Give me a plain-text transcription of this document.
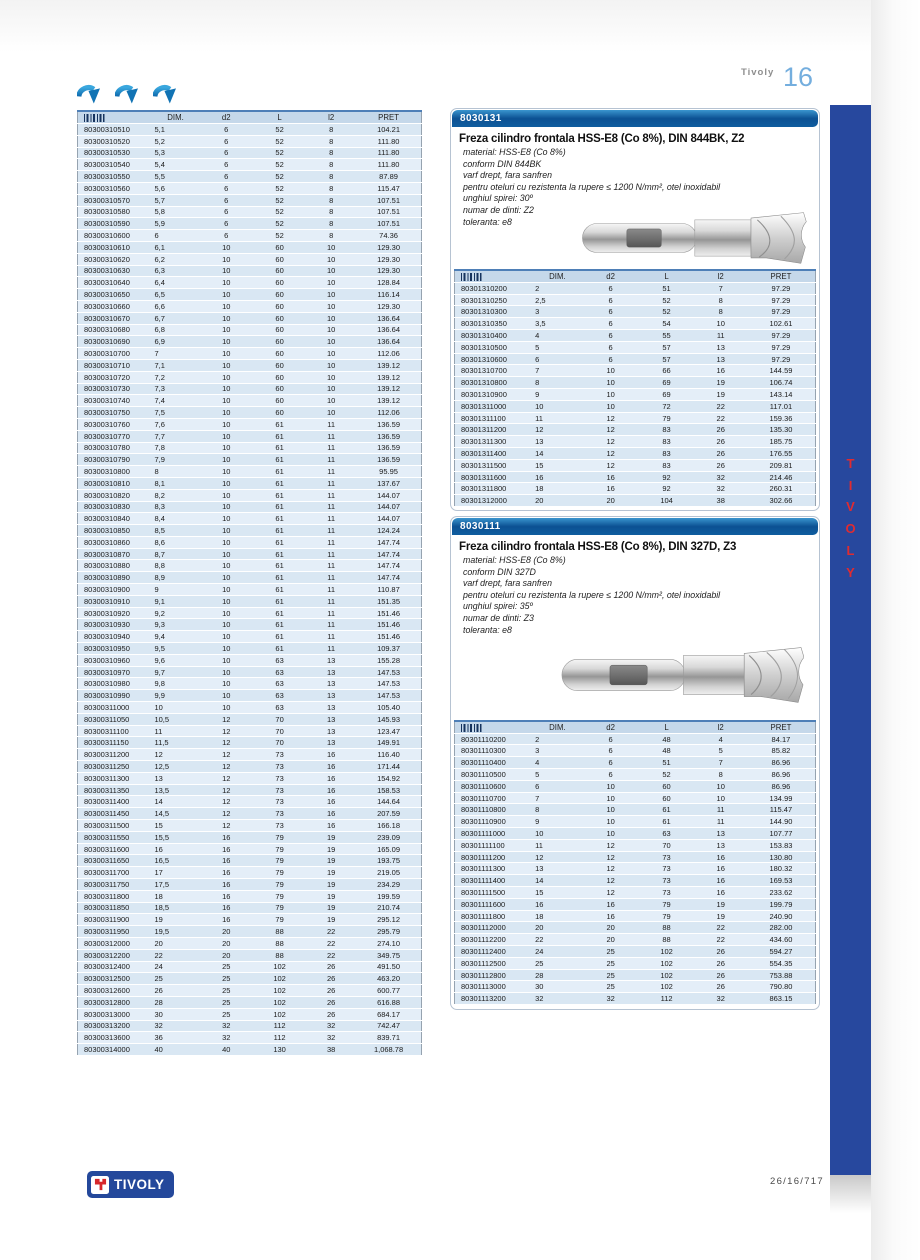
Tivoly 16
	DIM.	d2	L	l2	PRET
80300310510	5,1	6	52	8	104.21
80300310520	5,2	6	52	8	111.80
80300310530	5,3	6	52	8	111.80
80300310540	5,4	6	52	8	111.80
80300310550	5,5	6	52	8	87.89
80300310560	5,6	6	52	8	115.47
80300310570	5,7	6	52	8	107.51
80300310580	5,8	6	52	8	107.51
80300310590	5,9	6	52	8	107.51
80300310600	6	6	52	8	74.36
80300310610	6,1	10	60	10	129.30
80300310620	6,2	10	60	10	129.30
80300310630	6,3	10	60	10	129.30
80300310640	6,4	10	60	10	128.84
80300310650	6,5	10	60	10	116.14
80300310660	6,6	10	60	10	129.30
80300310670	6,7	10	60	10	136.64
80300310680	6,8	10	60	10	136.64
80300310690	6,9	10	60	10	136.64
80300310700	7	10	60	10	112.06
80300310710	7,1	10	60	10	139.12
80300310720	7,2	10	60	10	139.12
80300310730	7,3	10	60	10	139.12
80300310740	7,4	10	60	10	139.12
80300310750	7,5	10	60	10	112.06
80300310760	7,6	10	61	11	136.59
80300310770	7,7	10	61	11	136.59
80300310780	7,8	10	61	11	136.59
80300310790	7,9	10	61	11	136.59
80300310800	8	10	61	11	95.95
80300310810	8,1	10	61	11	137.67
80300310820	8,2	10	61	11	144.07
80300310830	8,3	10	61	11	144.07
80300310840	8,4	10	61	11	144.07
80300310850	8,5	10	61	11	124.24
80300310860	8,6	10	61	11	147.74
80300310870	8,7	10	61	11	147.74
80300310880	8,8	10	61	11	147.74
80300310890	8,9	10	61	11	147.74
80300310900	9	10	61	11	110.87
80300310910	9,1	10	61	11	151.35
80300310920	9,2	10	61	11	151.46
80300310930	9,3	10	61	11	151.46
80300310940	9,4	10	61	11	151.46
80300310950	9,5	10	61	11	109.37
80300310960	9,6	10	63	13	155.28
80300310970	9,7	10	63	13	147.53
80300310980	9,8	10	63	13	147.53
80300310990	9,9	10	63	13	147.53
80300311000	10	10	63	13	105.40
80300311050	10,5	12	70	13	145.93
80300311100	11	12	70	13	123.47
80300311150	11,5	12	70	13	149.91
80300311200	12	12	73	16	116.40
80300311250	12,5	12	73	16	171.44
80300311300	13	12	73	16	154.92
80300311350	13,5	12	73	16	158.53
80300311400	14	12	73	16	144.64
80300311450	14,5	12	73	16	207.59
80300311500	15	12	73	16	166.18
80300311550	15,5	16	79	19	239.09
80300311600	16	16	79	19	165.09
80300311650	16,5	16	79	19	193.75
80300311700	17	16	79	19	219.05
80300311750	17,5	16	79	19	234.29
80300311800	18	16	79	19	199.59
80300311850	18,5	16	79	19	210.74
80300311900	19	16	79	19	295.12
80300311950	19,5	20	88	22	295.79
80300312000	20	20	88	22	274.10
80300312200	22	20	88	22	349.75
80300312400	24	25	102	26	491.50
80300312500	25	25	102	26	463.20
80300312600	26	25	102	26	600.77
80300312800	28	25	102	26	616.88
80300313000	30	25	102	26	684.17
80300313200	32	32	112	32	742.47
80300313600	36	32	112	32	839.71
80300314000	40	40	130	38	1,068.78
8030131
Freza cilindro frontala HSS-E8 (Co 8%), DIN 844BK, Z2
material: HSS-E8 (Co 8%)
conform DIN 844BK
varf drept, fara sanfren
pentru oteluri cu rezistenta la rupere ≤ 1200 N/mm², otel inoxidabil
unghiul spirei: 30º
numar de dinti: Z2
toleranta: e8
	DIM.	d2	L	l2	PRET
80301310200	2	6	51	7	97.29
80301310250	2,5	6	52	8	97.29
80301310300	3	6	52	8	97.29
80301310350	3,5	6	54	10	102.61
80301310400	4	6	55	11	97.29
80301310500	5	6	57	13	97.29
80301310600	6	6	57	13	97.29
80301310700	7	10	66	16	144.59
80301310800	8	10	69	19	106.74
80301310900	9	10	69	19	143.14
80301311000	10	10	72	22	117.01
80301311100	11	12	79	22	159.36
80301311200	12	12	83	26	135.30
80301311300	13	12	83	26	185.75
80301311400	14	12	83	26	176.55
80301311500	15	12	83	26	209.81
80301311600	16	16	92	32	214.46
80301311800	18	16	92	32	260.31
80301312000	20	20	104	38	302.66
8030111
Freza cilindro frontala HSS-E8 (Co 8%), DIN 327D, Z3
material: HSS-E8 (Co 8%)
conform DIN 327D
varf drept, fara sanfren
pentru oteluri cu rezistenta la rupere ≤ 1200 N/mm², otel inoxidabil
unghiul spirei: 35º
numar de dinti: Z3
toleranta: e8
	DIM.	d2	L	l2	PRET
80301110200	2	6	48	4	84.17
80301110300	3	6	48	5	85.82
80301110400	4	6	51	7	86.96
80301110500	5	6	52	8	86.96
80301110600	6	10	60	10	86.96
80301110700	7	10	60	10	134.99
80301110800	8	10	61	11	115.47
80301110900	9	10	61	11	144.90
80301111000	10	10	63	13	107.77
80301111100	11	12	70	13	153.83
80301111200	12	12	73	16	130.80
80301111300	13	12	73	16	180.32
80301111400	14	12	73	16	169.53
80301111500	15	12	73	16	233.62
80301111600	16	16	79	19	199.79
80301111800	18	16	79	19	240.90
80301112000	20	20	88	22	282.00
80301112200	22	20	88	22	434.60
80301112400	24	25	102	26	594.27
80301112500	25	25	102	26	554.35
80301112800	28	25	102	26	753.88
80301113000	30	25	102	26	790.80
80301113200	32	32	112	32	863.15
T
I
V
O
L
Y
TIVOLY	26/16/717
